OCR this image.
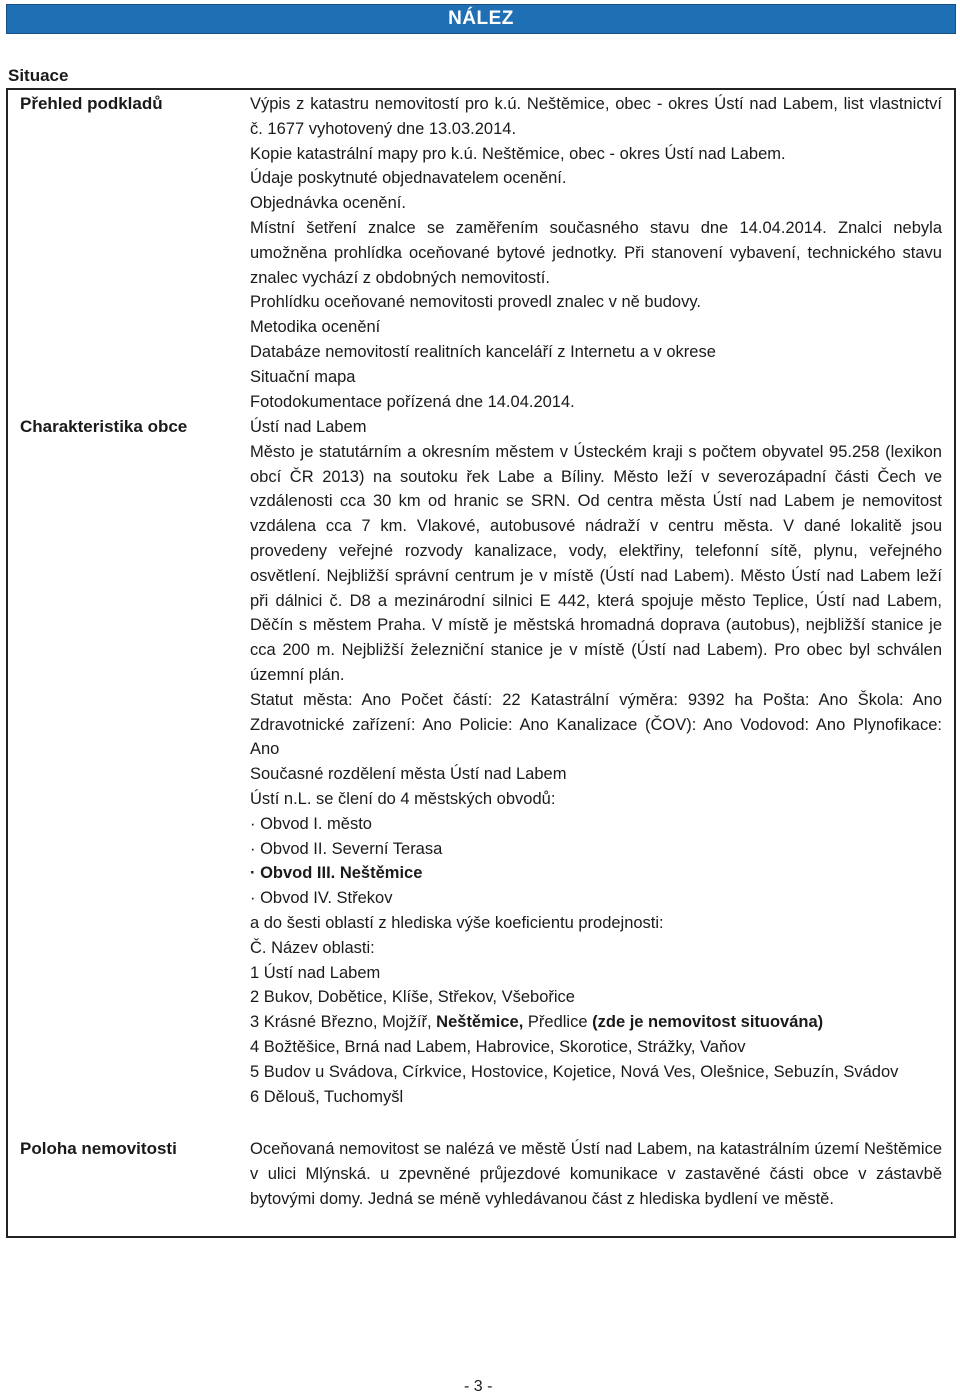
NÁLEZ
Situace
Přehled podkladů	Výpis z katastru nemovitostí pro k.ú. Neštěmice, obec - okres Ústí nad Labem, list vlastnictví č. 1677 vyhotovený dne 13.03.2014.

Kopie katastrální mapy pro k.ú. Neštěmice, obec - okres Ústí nad Labem.

Údaje poskytnuté objednavatelem ocenění.

Objednávka ocenění.

Místní šetření znalce se zaměřením současného stavu dne 14.04.2014. Znalci nebyla umožněna prohlídka oceňované bytové jednotky. Při stanovení vybavení, technického stavu znalec vychází z obdobných nemovitostí.

Prohlídku oceňované nemovitosti provedl znalec v ně budovy.

Metodika ocenění

Databáze nemovitostí realitních kanceláří z Internetu a v okrese

Situační mapa

Fotodokumentace pořízená dne 14.04.2014.

Charakteristika obce	Ústí nad Labem

Město je statutárním a okresním městem v Ústeckém kraji s počtem obyvatel 95.258 (lexikon obcí ČR 2013) na soutoku řek Labe a Bíliny. Město leží v severozápadní části Čech ve vzdálenosti cca 30 km od hranic se SRN. Od centra města Ústí nad Labem je nemovitost vzdálena cca 7 km. Vlakové, autobusové nádraží v centru města. V dané lokalitě jsou provedeny veřejné rozvody kanalizace, vody, elektřiny, telefonní sítě, plynu, veřejného osvětlení. Nejbližší správní centrum je v místě (Ústí nad Labem). Město Ústí nad Labem leží při dálnici č. D8 a mezinárodní silnici E 442, která spojuje město Teplice, Ústí nad Labem, Děčín s městem Praha. V místě je městská hromadná doprava (autobus), nejbližší stanice je cca 200 m. Nejbližší železniční stanice je v místě (Ústí nad Labem). Pro obec byl schválen územní plán.

Statut města: Ano Počet částí: 22 Katastrální výměra: 9392 ha Pošta: Ano Škola: Ano Zdravotnické zařízení: Ano Policie: Ano Kanalizace (ČOV): Ano Vodovod: Ano Plynofikace: Ano

Současné rozdělení města Ústí nad Labem

Ústí n.L. se člení do 4 městských obvodů:

· Obvod I. město

· Obvod II. Severní Terasa

· Obvod III. Neštěmice

· Obvod IV. Střekov

a do šesti oblastí z hlediska výše koeficientu prodejnosti:

Č. Název oblasti:

1 Ústí nad Labem

2 Bukov, Dobětice, Klíše, Střekov, Všebořice

3 Krásné Březno, Mojžíř, Neštěmice, Předlice (zde je nemovitost situována)

4 Božtěšice, Brná nad Labem, Habrovice, Skorotice, Strážky, Vaňov

5 Budov u Svádova, Církvice, Hostovice, Kojetice, Nová Ves, Olešnice, Sebuzín, Svádov

6 Dělouš, Tuchomyšl

Poloha nemovitosti	Oceňovaná nemovitost se nalézá ve městě Ústí nad Labem, na katastrálním území Neštěmice v ulici Mlýnská. u zpevněné průjezdové komunikace v zastavěné části obce v zástavbě bytovými domy. Jedná se méně vyhledávanou část z hlediska bydlení ve městě.

- 3 -
